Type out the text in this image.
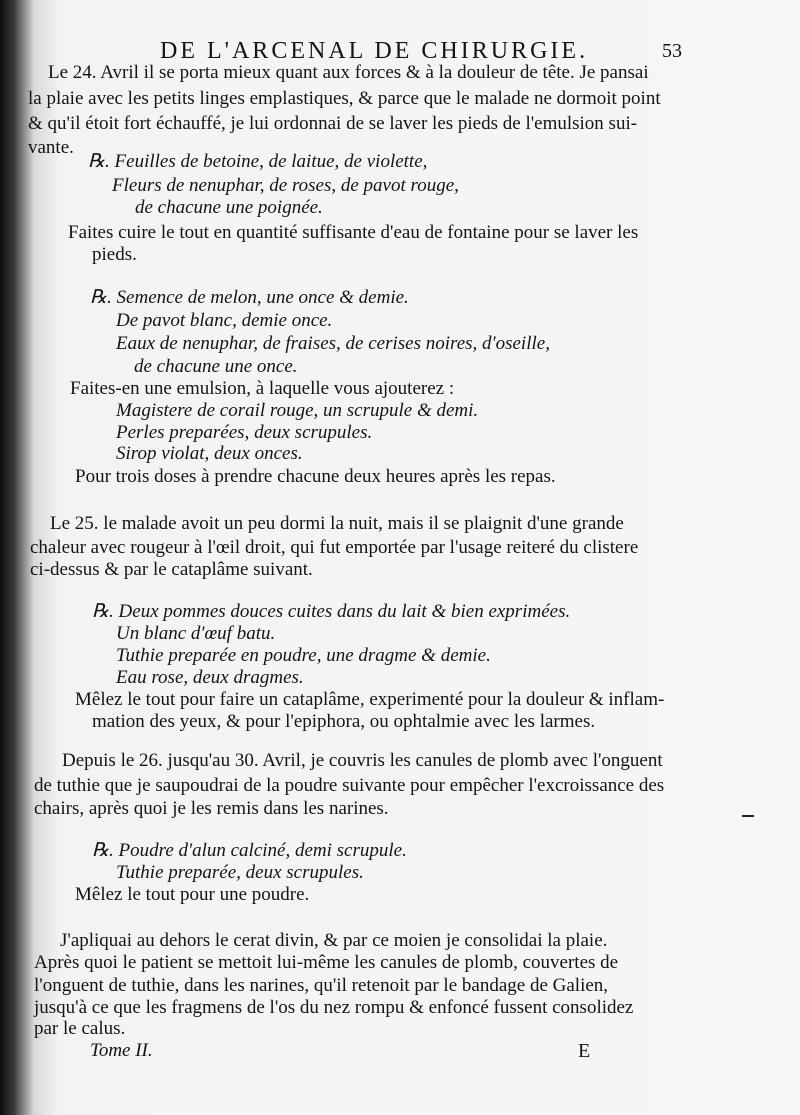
DE L'ARCENAL DE CHIRURGIE.	53
Le 24. Avril il se porta mieux quant aux forces & à la douleur de tête. Je pansai
la plaie avec les petits linges emplastiques, & parce que le malade ne dormoit point
& qu'il étoit fort échauffé, je lui ordonnai de se laver les pieds de l'emulsion sui-
vante.
℞. Feuilles de betoine, de laitue, de violette,
Fleurs de nenuphar, de roses, de pavot rouge,
de chacune une poignée.
Faites cuire le tout en quantité suffisante d'eau de fontaine pour se laver les
pieds.
℞. Semence de melon, une once & demie.
De pavot blanc, demie once.
Eaux de nenuphar, de fraises, de cerises noires, d'oseille,
de chacune une once.
Faites-en une emulsion, à laquelle vous ajouterez :
Magistere de corail rouge, un scrupule & demi.
Perles preparées, deux scrupules.
Sirop violat, deux onces.
Pour trois doses à prendre chacune deux heures après les repas.
Le 25. le malade avoit un peu dormi la nuit, mais il se plaignit d'une grande
chaleur avec rougeur à l'œil droit, qui fut emportée par l'usage reiteré du clistere
ci-dessus & par le cataplâme suivant.
℞. Deux pommes douces cuites dans du lait & bien exprimées.
Un blanc d'œuf batu.
Tuthie preparée en poudre, une dragme & demie.
Eau rose, deux dragmes.
Mêlez le tout pour faire un cataplâme, experimenté pour la douleur & inflam-
mation des yeux, & pour l'epiphora, ou ophtalmie avec les larmes.
Depuis le 26. jusqu'au 30. Avril, je couvris les canules de plomb avec l'onguent
de tuthie que je saupoudrai de la poudre suivante pour empêcher l'excroissance des
chairs, après quoi je les remis dans les narines.
℞. Poudre d'alun calciné, demi scrupule.
Tuthie preparée, deux scrupules.
Mêlez le tout pour une poudre.
J'apliquai au dehors le cerat divin, & par ce moien je consolidai la plaie.
Après quoi le patient se mettoit lui-même les canules de plomb, couvertes de
l'onguent de tuthie, dans les narines, qu'il retenoit par le bandage de Galien,
jusqu'à ce que les fragmens de l'os du nez rompu & enfoncé fussent consolidez
par le calus.
Tome II.	E
